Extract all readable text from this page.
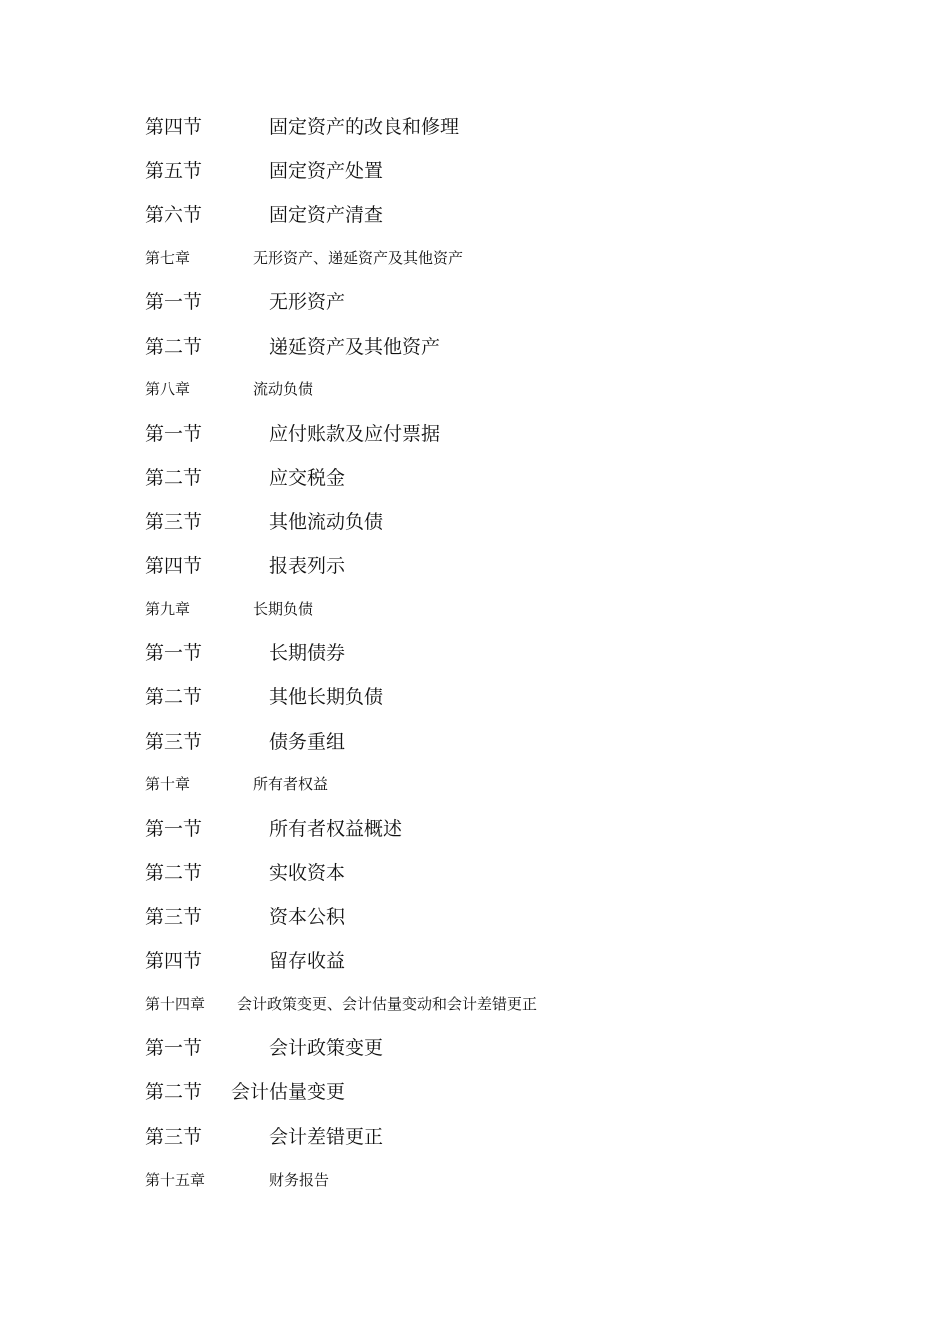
第四节	固定资产的改良和修理
第五节	固定资产处置
第六节	固定资产清查
第七章	无形资产、递延资产及其他资产
第一节	无形资产
第二节	递延资产及其他资产
第八章	流动负债
第一节	应付账款及应付票据
第二节	应交税金
第三节	其他流动负债
第四节	报表列示
第九章	长期负债
第一节	长期债券
第二节	其他长期负债
第三节	债务重组
第十章	所有者权益
第一节	所有者权益概述
第二节	实收资本
第三节	资本公积
第四节	留存收益
第十四章 会计政策变更、会计估量变动和会计差错更正
第一节	会计政策变更
第二节 会计估量变更
第三节	会计差错更正
第十五章	财务报告
